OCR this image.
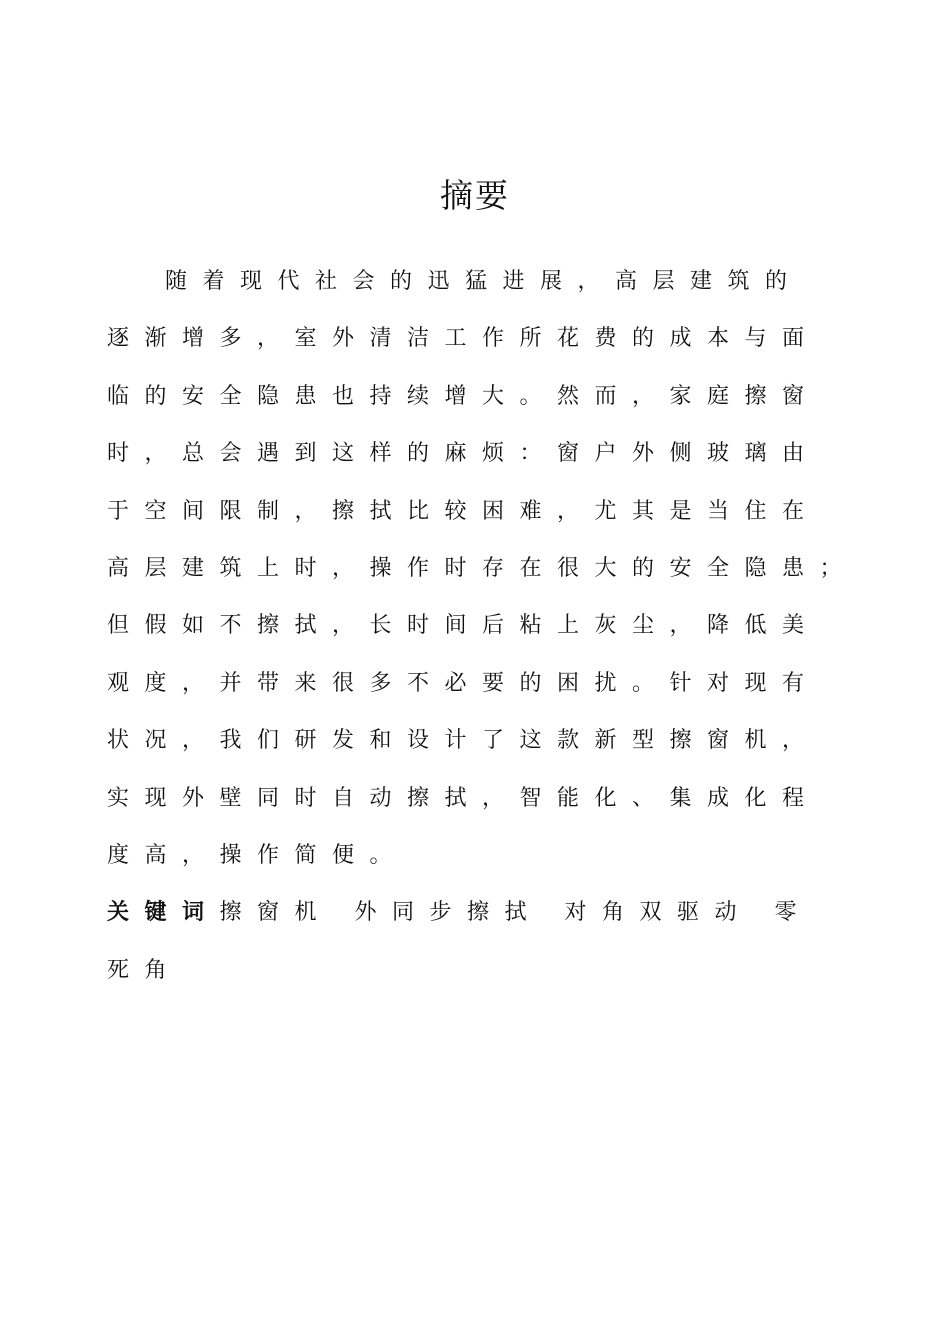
摘要
随着现代社会的迅猛进展，高层建筑的
逐渐增多，室外清洁工作所花费的成本与面
临的安全隐患也持续增大。然而，家庭擦窗
时，总会遇到这样的麻烦：窗户外侧玻璃由
于空间限制，擦拭比较困难，尤其是当住在
高层建筑上时，操作时存在很大的安全隐患；
但假如不擦拭，长时间后粘上灰尘，降低美
观度，并带来很多不必要的困扰。针对现有
状况，我们研发和设计了这款新型擦窗机，
实现外壁同时自动擦拭，智能化、集成化程
度高，操作简便。
关键词擦窗机 外同步擦拭 对角双驱动 零
死角
